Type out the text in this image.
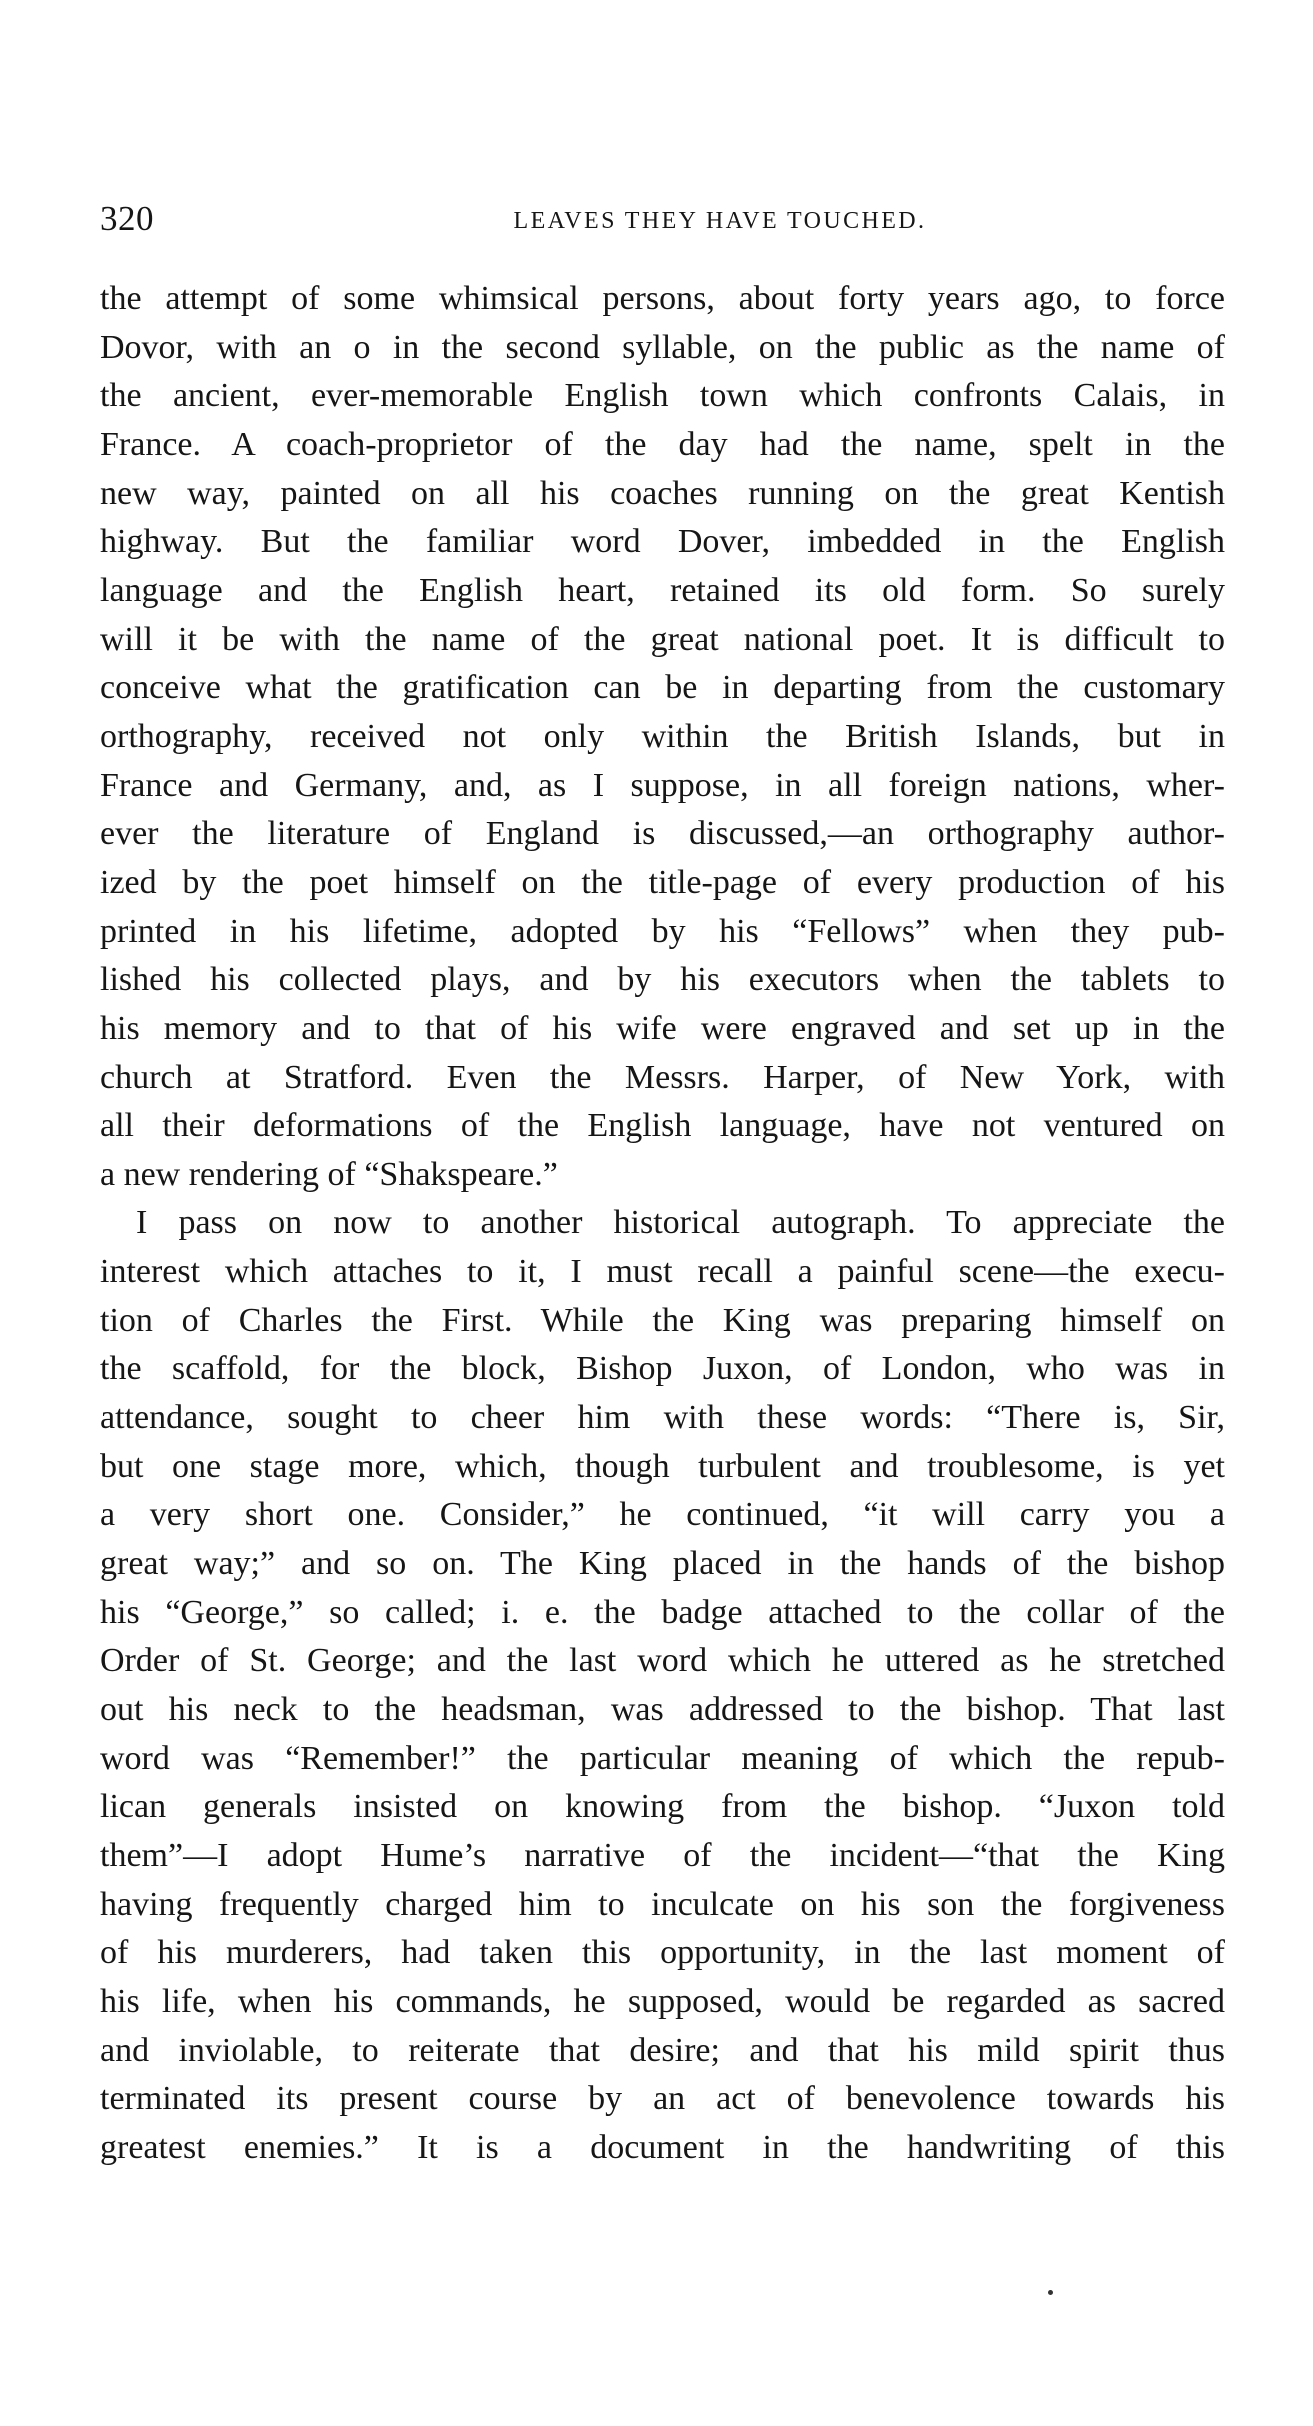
320	LEAVES THEY HAVE TOUCHED.
the attempt of some whimsical persons, about forty years ago, to force
Dovor, with an o in the second syllable, on the public as the name of
the ancient, ever-memorable English town which confronts Calais, in
France. A coach-proprietor of the day had the name, spelt in the
new way, painted on all his coaches running on the great Kentish
highway. But the familiar word Dover, imbedded in the English
language and the English heart, retained its old form. So surely
will it be with the name of the great national poet. It is difficult to
conceive what the gratification can be in departing from the customary
orthography, received not only within the British Islands, but in
France and Germany, and, as I suppose, in all foreign nations, wher-
ever the literature of England is discussed,—an orthography author-
ized by the poet himself on the title-page of every production of his
printed in his lifetime, adopted by his “Fellows” when they pub-
lished his collected plays, and by his executors when the tablets to
his memory and to that of his wife were engraved and set up in the
church at Stratford. Even the Messrs. Harper, of New York, with
all their deformations of the English language, have not ventured on
a new rendering of “Shakspeare.”
I pass on now to another historical autograph. To appreciate the
interest which attaches to it, I must recall a painful scene—the execu-
tion of Charles the First. While the King was preparing himself on
the scaffold, for the block, Bishop Juxon, of London, who was in
attendance, sought to cheer him with these words: “There is, Sir,
but one stage more, which, though turbulent and troublesome, is yet
a very short one. Consider,” he continued, “it will carry you a
great way;” and so on. The King placed in the hands of the bishop
his “George,” so called; i. e. the badge attached to the collar of the
Order of St. George; and the last word which he uttered as he stretched
out his neck to the headsman, was addressed to the bishop. That last
word was “Remember!” the particular meaning of which the repub-
lican generals insisted on knowing from the bishop. “Juxon told
them”—I adopt Hume’s narrative of the incident—“that the King
having frequently charged him to inculcate on his son the forgiveness
of his murderers, had taken this opportunity, in the last moment of
his life, when his commands, he supposed, would be regarded as sacred
and inviolable, to reiterate that desire; and that his mild spirit thus
terminated its present course by an act of benevolence towards his
greatest enemies.” It is a document in the handwriting of this
